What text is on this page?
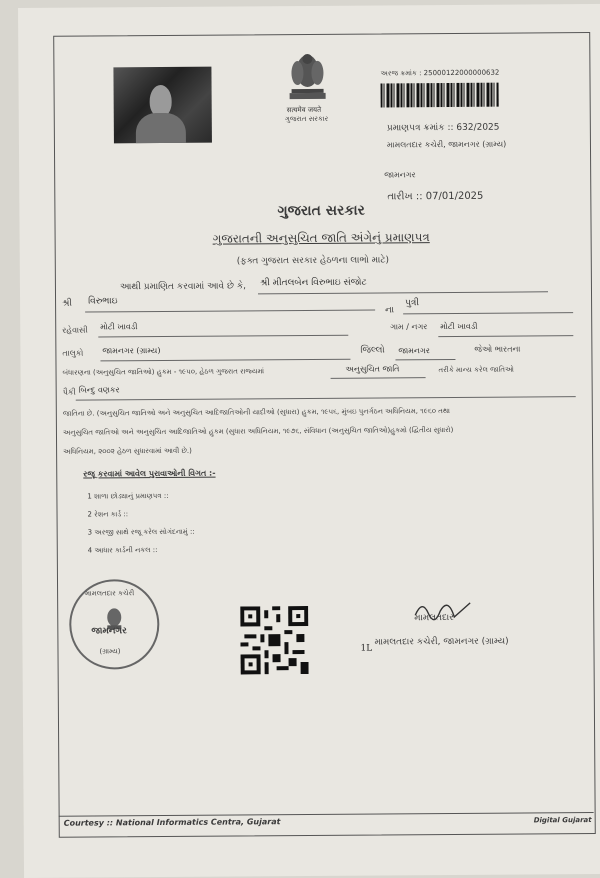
सत्यमेव जयते
ગુજરાત સરકાર
અરજ ક્રમાંક : 25000122000000632
પ્રમાણપત્ર ક્રમાંક :: 632/2025
મામલતદાર કચેરી, જામનગર (ગ્રામ્ય)
જામનગર
તારીખ :: 07/01/2025
ગુજરાત સરકાર
ગુજરાતની અનુસુચિત જાતિ અંગેનું પ્રમાણપત્ર
(ફક્ત ગુજરાત સરકાર હેઠળના લાભો માટે)
આથી પ્રમાણિત કરવામાં આવે છે કે, શ્રી મીતલબેન વિરુભાઇ સંજોટ
શ્રી વિરુભાઇ
ના
પુત્રી
રહેવાસી મોટી ખાવડી	ગામ / નગર મોટી ખાવડી
તાલુકો જામનગર (ગ્રામ્ય)	જિલ્લો જામનગર	જેઓ ભારતના
બંધારણના (અનુસુચિત જાતિઓ) હુકમ - ૧૯૫૦, હેઠળ ગુજરાત રાજ્યમાં	અનુસુચિત જાતિ	તરીકે માન્ય કરેલ જાતિઓ
પૈકી બિન્દુ વણકર
જાતિના છે. (અનુસુચિત જાતિઓ અને અનુસુચિત આદિજાતિઓની યાદીઓ (સુધારા) હુકમ, ૧૯૫૬, મુંબઇ પુનર્ગઠન અધિનિયમ, ૧૯૬૦ તથા
અનુસુચિત જાતિઓ અને અનુસુચિત આદિજાતિઓ હુકમ (સુધારા અધિનિયમ, ૧૯૭૬, સંવિધાન (અનુસુચિત જાતિઓ)હુકમો (દ્વિતીય સુધારો)
અધિનિયમ, ૨૦૦૨ હેઠળ સુધારવામાં આવી છે.)
રજૂ કરવામાં આવેલ પુરાવાઓની વિગત :-
1 શાળા છોડ્યાનું પ્રમાણપત્ર ::
2 રેશન કાર્ડ ::
3 અરજી સાથે રજૂ કરેલ સોગંદનામું ::
4 આધાર કાર્ડની નકલ ::
મામલતદાર કચેરી
જામનગર
(ગ્રામ્ય)
મામલતદાર
1L
મામલતદાર કચેરી, જામનગર (ગ્રામ્ય)
Courtesy :: National Informatics Centra, Gujarat	Digital Gujarat
